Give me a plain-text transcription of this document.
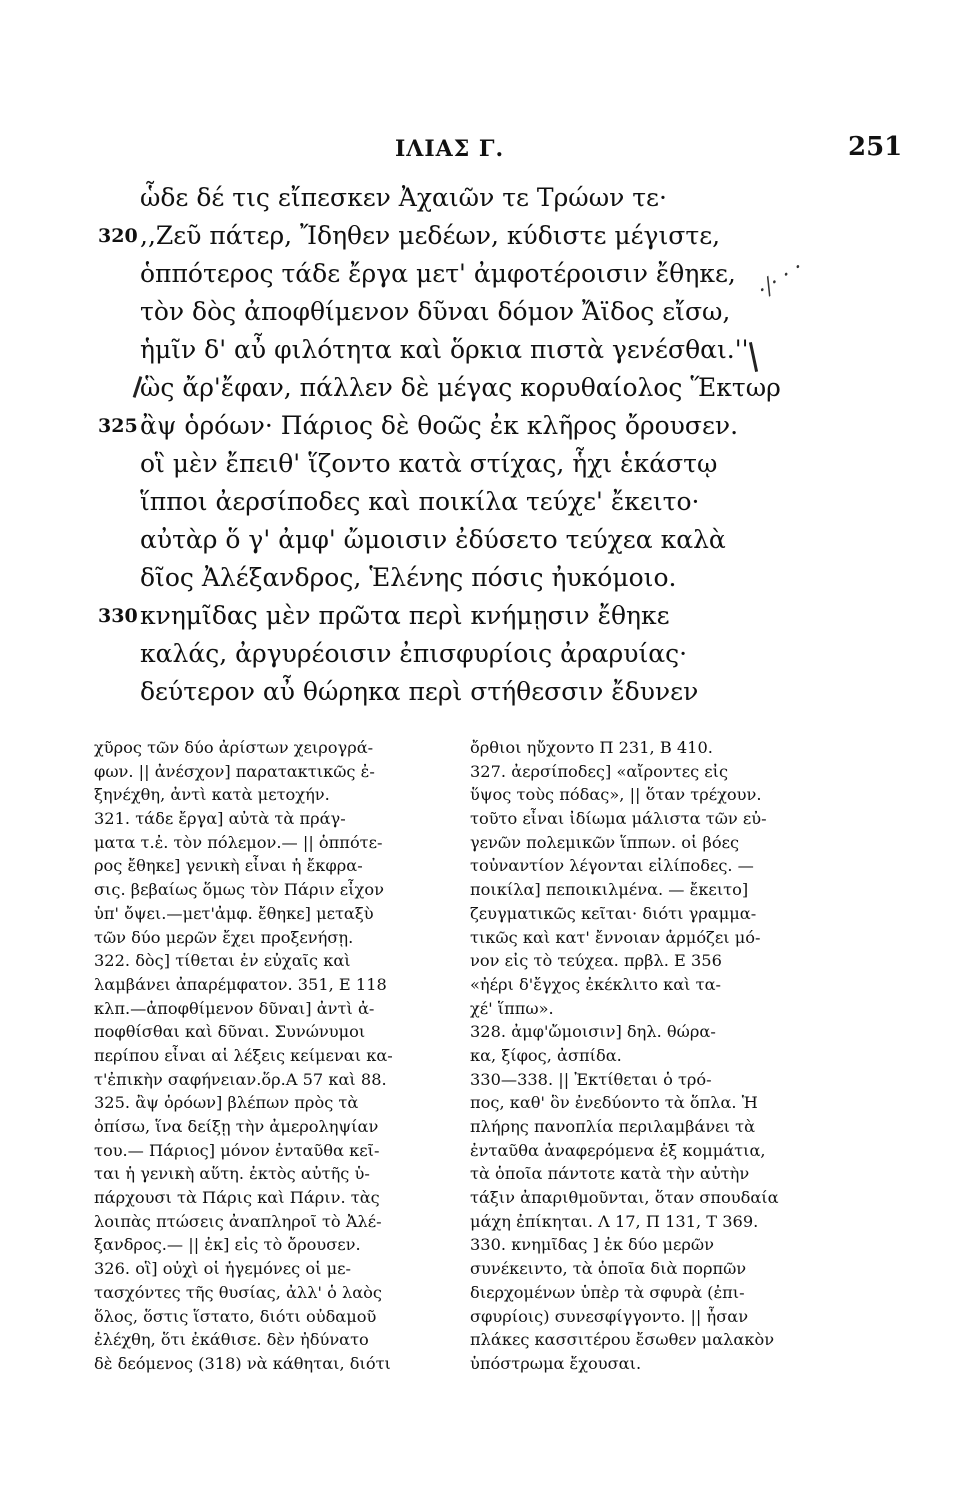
ΙΛΙΑΣ Γ.	251
ὧδε δέ τις εἴπεσκεν Ἀχαιῶν τε Τρώων τε·
320 ,,Ζεῦ πάτερ, Ἴδηθεν μεδέων, κύδιστε μέγιστε,
ὁππότερος τάδε ἔργα μετ' ἀμφοτέροισιν ἔθηκε,
τὸν δὸς ἀποφθίμενον δῦναι δόμον Ἄϊδος εἴσω,
ἡμῖν δ' αὖ φιλότητα καὶ ὅρκια πιστὰ γενέσθαι.''
ὣς ἄρ'ἔφαν, πάλλεν δὲ μέγας κορυθαίολος Ἕκτωρ
325 ἂψ ὁρόων· Πάριος δὲ θοῶς ἐκ κλῆρος ὄρουσεν.
οἳ μὲν ἔπειθ' ἵζοντο κατὰ στίχας, ἧχι ἑκάστῳ
ἵπποι ἀερσίποδες καὶ ποικίλα τεύχε' ἔκειτο·
αὐτὰρ ὅ γ' ἀμφ' ὤμοισιν ἐδύσετο τεύχεα καλὰ
δῖος Ἀλέξανδρος, Ἑλένης πόσις ἠυκόμοιο.
330 κνημῖδας μὲν πρῶτα περὶ κνήμῃσιν ἔθηκε
καλάς, ἀργυρέοισιν ἐπισφυρίοις ἀραρυίας·
δεύτερον αὖ θώρηκα περὶ στήθεσσιν ἔδυνεν
·/· · ·
χῦρος τῶν δύο ἀρίστων χειρογρά-
φων. || ἀνέσχον] παρατακτικῶς ἐ-
ξηνέχθη, ἀντὶ κατὰ μετοχήν.
321. τάδε ἔργα] αὐτὰ τὰ πράγ-
ματα τ.ἐ. τὸν πόλεμον.— || ὁππότε-
ρος ἔθηκε] γενικὴ εἶναι ἡ ἔκφρα-
σις. βεβαίως ὅμως τὸν Πάριν εἶχον
ὑπ' ὄψει.—μετ'ἀμφ. ἔθηκε] μεταξὺ
τῶν δύο μερῶν ἔχει προξενήσῃ.
322. δὸς] τίθεται ἐν εὐχαῖς καὶ
λαμβάνει ἀπαρέμφατον. 351, Ε 118
κλπ.—ἀποφθίμενον δῦναι] ἀντὶ ἀ-
ποφθίσθαι καὶ δῦναι. Συνώνυμοι
περίπου εἶναι αἱ λέξεις κείμεναι κα-
τ'ἐπικὴν σαφήνειαν.ὅρ.Α 57 καὶ 88.
325. ἂψ ὁρόων] βλέπων πρὸς τὰ
ὀπίσω, ἵνα δείξῃ τὴν ἀμεροληψίαν
του.— Πάριος] μόνον ἐνταῦθα κεῖ-
ται ἡ γενικὴ αὕτη. ἐκτὸς αὐτῆς ὑ-
πάρχουσι τὰ Πάρις καὶ Πάριν. τὰς
λοιπὰς πτώσεις ἀναπληροῖ τὸ Ἀλέ-
ξανδρος.— || ἐκ] εἰς τὸ ὄρουσεν.
326. οἳ] οὐχὶ οἱ ἡγεμόνες οἱ με-
τασχόντες τῆς θυσίας, ἀλλ' ὁ λαὸς
ὅλος, ὅστις ἵστατο, διότι οὐδαμοῦ
ἐλέχθη, ὅτι ἐκάθισε. δὲν ἠδύνατο
δὲ δεόμενος (318) νὰ κάθηται, διότι
ὄρθιοι ηὔχοντο Π 231, Β 410.
327. ἀερσίποδες] «αἴροντες εἰς
ὕψος τοὺς πόδας», || ὅταν τρέχουν.
τοῦτο εἶναι ἰδίωμα μάλιστα τῶν εὐ-
γενῶν πολεμικῶν ἵππων. οἱ βόες
τοὐναντίον λέγονται εἰλίποδες. —
ποικίλα] πεποικιλμένα. — ἔκειτο]
ζευγματικῶς κεῖται· διότι γραμμα-
τικῶς καὶ κατ' ἔννοιαν ἁρμόζει μό-
νον εἰς τὸ τεύχεα. πρβλ. Ε 356
«ἠέρι δ'ἔγχος ἐκέκλιτο καὶ τα-
χέ' ἵππω».
328. ἀμφ'ὤμοισιν] δηλ. θώρα-
κα, ξίφος, ἀσπίδα.
330—338. || Ἐκτίθεται ὁ τρό-
πος, καθ' ὃν ἐνεδύοντο τὰ ὅπλα. Ἡ
πλήρης πανοπλία περιλαμβάνει τὰ
ἐνταῦθα ἀναφερόμενα ἐξ κομμάτια,
τὰ ὁποῖα πάντοτε κατὰ τὴν αὐτὴν
τάξιν ἀπαριθμοῦνται, ὅταν σπουδαία
μάχη ἐπίκηται. Λ 17, Π 131, Τ 369.
330. κνημῖδας ] ἐκ δύο μερῶν
συνέκειντο, τὰ ὁποῖα διὰ πορπῶν
διερχομένων ὑπὲρ τὰ σφυρὰ (ἐπι-
σφυρίοις) συνεσφίγγοντο. || ἦσαν
πλάκες κασσιτέρου ἔσωθεν μαλακὸν
ὑπόστρωμα ἔχουσαι.
